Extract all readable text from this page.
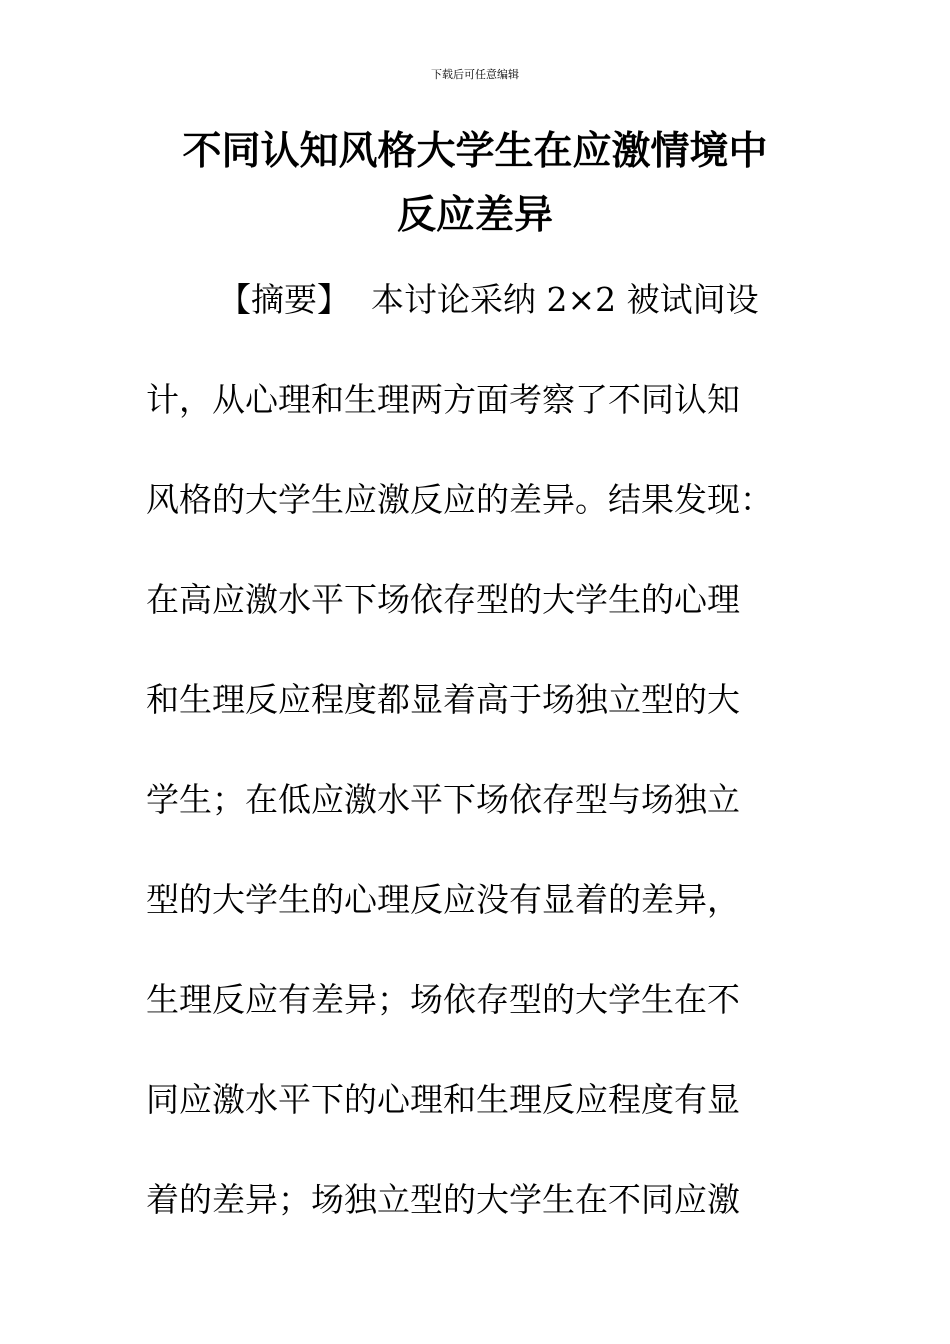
下载后可任意编辑
不同认知风格大学生在应激情境中
反应差异
【摘要】 本讨论采纳 2×2 被试间设
计，从心理和生理两方面考察了不同认知
风格的大学生应激反应的差异。结果发现：
在高应激水平下场依存型的大学生的心理
和生理反应程度都显着高于场独立型的大
学生；在低应激水平下场依存型与场独立
型的大学生的心理反应没有显着的差异，
生理反应有差异；场依存型的大学生在不
同应激水平下的心理和生理反应程度有显
着的差异；场独立型的大学生在不同应激
